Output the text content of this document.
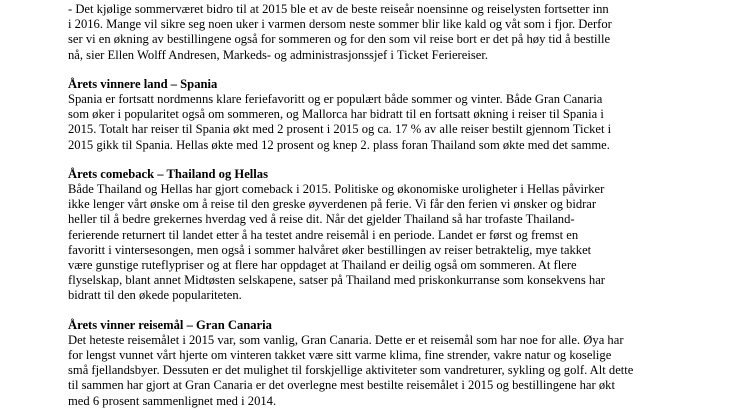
- Det kjølige sommerværet bidro til at 2015 ble et av de beste reiseår noensinne og reiselysten fortsetter inn
i 2016. Mange vil sikre seg noen uker i varmen dersom neste sommer blir like kald og våt som i fjor. Derfor
ser vi en økning av bestillingene også for sommeren og for den som vil reise bort er det på høy tid å bestille
nå, sier Ellen Wolff Andresen, Markeds- og administrasjonssjef i Ticket Feriereiser.

Årets vinnere land – Spania
Spania er fortsatt nordmenns klare feriefavoritt og er populært både sommer og vinter. Både Gran Canaria
som øker i popularitet også om sommeren, og Mallorca har bidratt til en fortsatt økning i reiser til Spania i
2015. Totalt har reiser til Spania økt med 2 prosent i 2015 og ca. 17 % av alle reiser bestilt gjennom Ticket i
2015 gikk til Spania. Hellas økte med 12 prosent og knep 2. plass foran Thailand som økte med det samme.

Årets comeback – Thailand og Hellas
Både Thailand og Hellas har gjort comeback i 2015. Politiske og økonomiske uroligheter i Hellas påvirker
ikke lenger vårt ønske om å reise til den greske øyverdenen på ferie. Vi får den ferien vi ønsker og bidrar
heller til å bedre grekernes hverdag ved å reise dit. Når det gjelder Thailand så har trofaste Thailand-
ferierende returnert til landet etter å ha testet andre reisemål i en periode. Landet er først og fremst en
favoritt i vintersesongen, men også i sommer halvåret øker bestillingen av reiser betraktelig, mye takket
være gunstige ruteflypriser og at flere har oppdaget at Thailand er deilig også om sommeren. At flere
flyselskap, blant annet Midtøsten selskapene, satser på Thailand med priskonkurranse som konsekvens har
bidratt til den økede populariteten.

Årets vinner reisemål – Gran Canaria
Det heteste reisemålet i 2015 var, som vanlig, Gran Canaria. Dette er et reisemål som har noe for alle. Øya har
for lengst vunnet vårt hjerte om vinteren takket være sitt varme klima, fine strender, vakre natur og koselige
små fjellandsbyer. Dessuten er det mulighet til forskjellige aktiviteter som vandreturer, sykling og golf. Alt dette
til sammen har gjort at Gran Canaria er det overlegne mest bestilte reisemålet i 2015 og bestillingene har økt
med 6 prosent sammenlignet med i 2014.
